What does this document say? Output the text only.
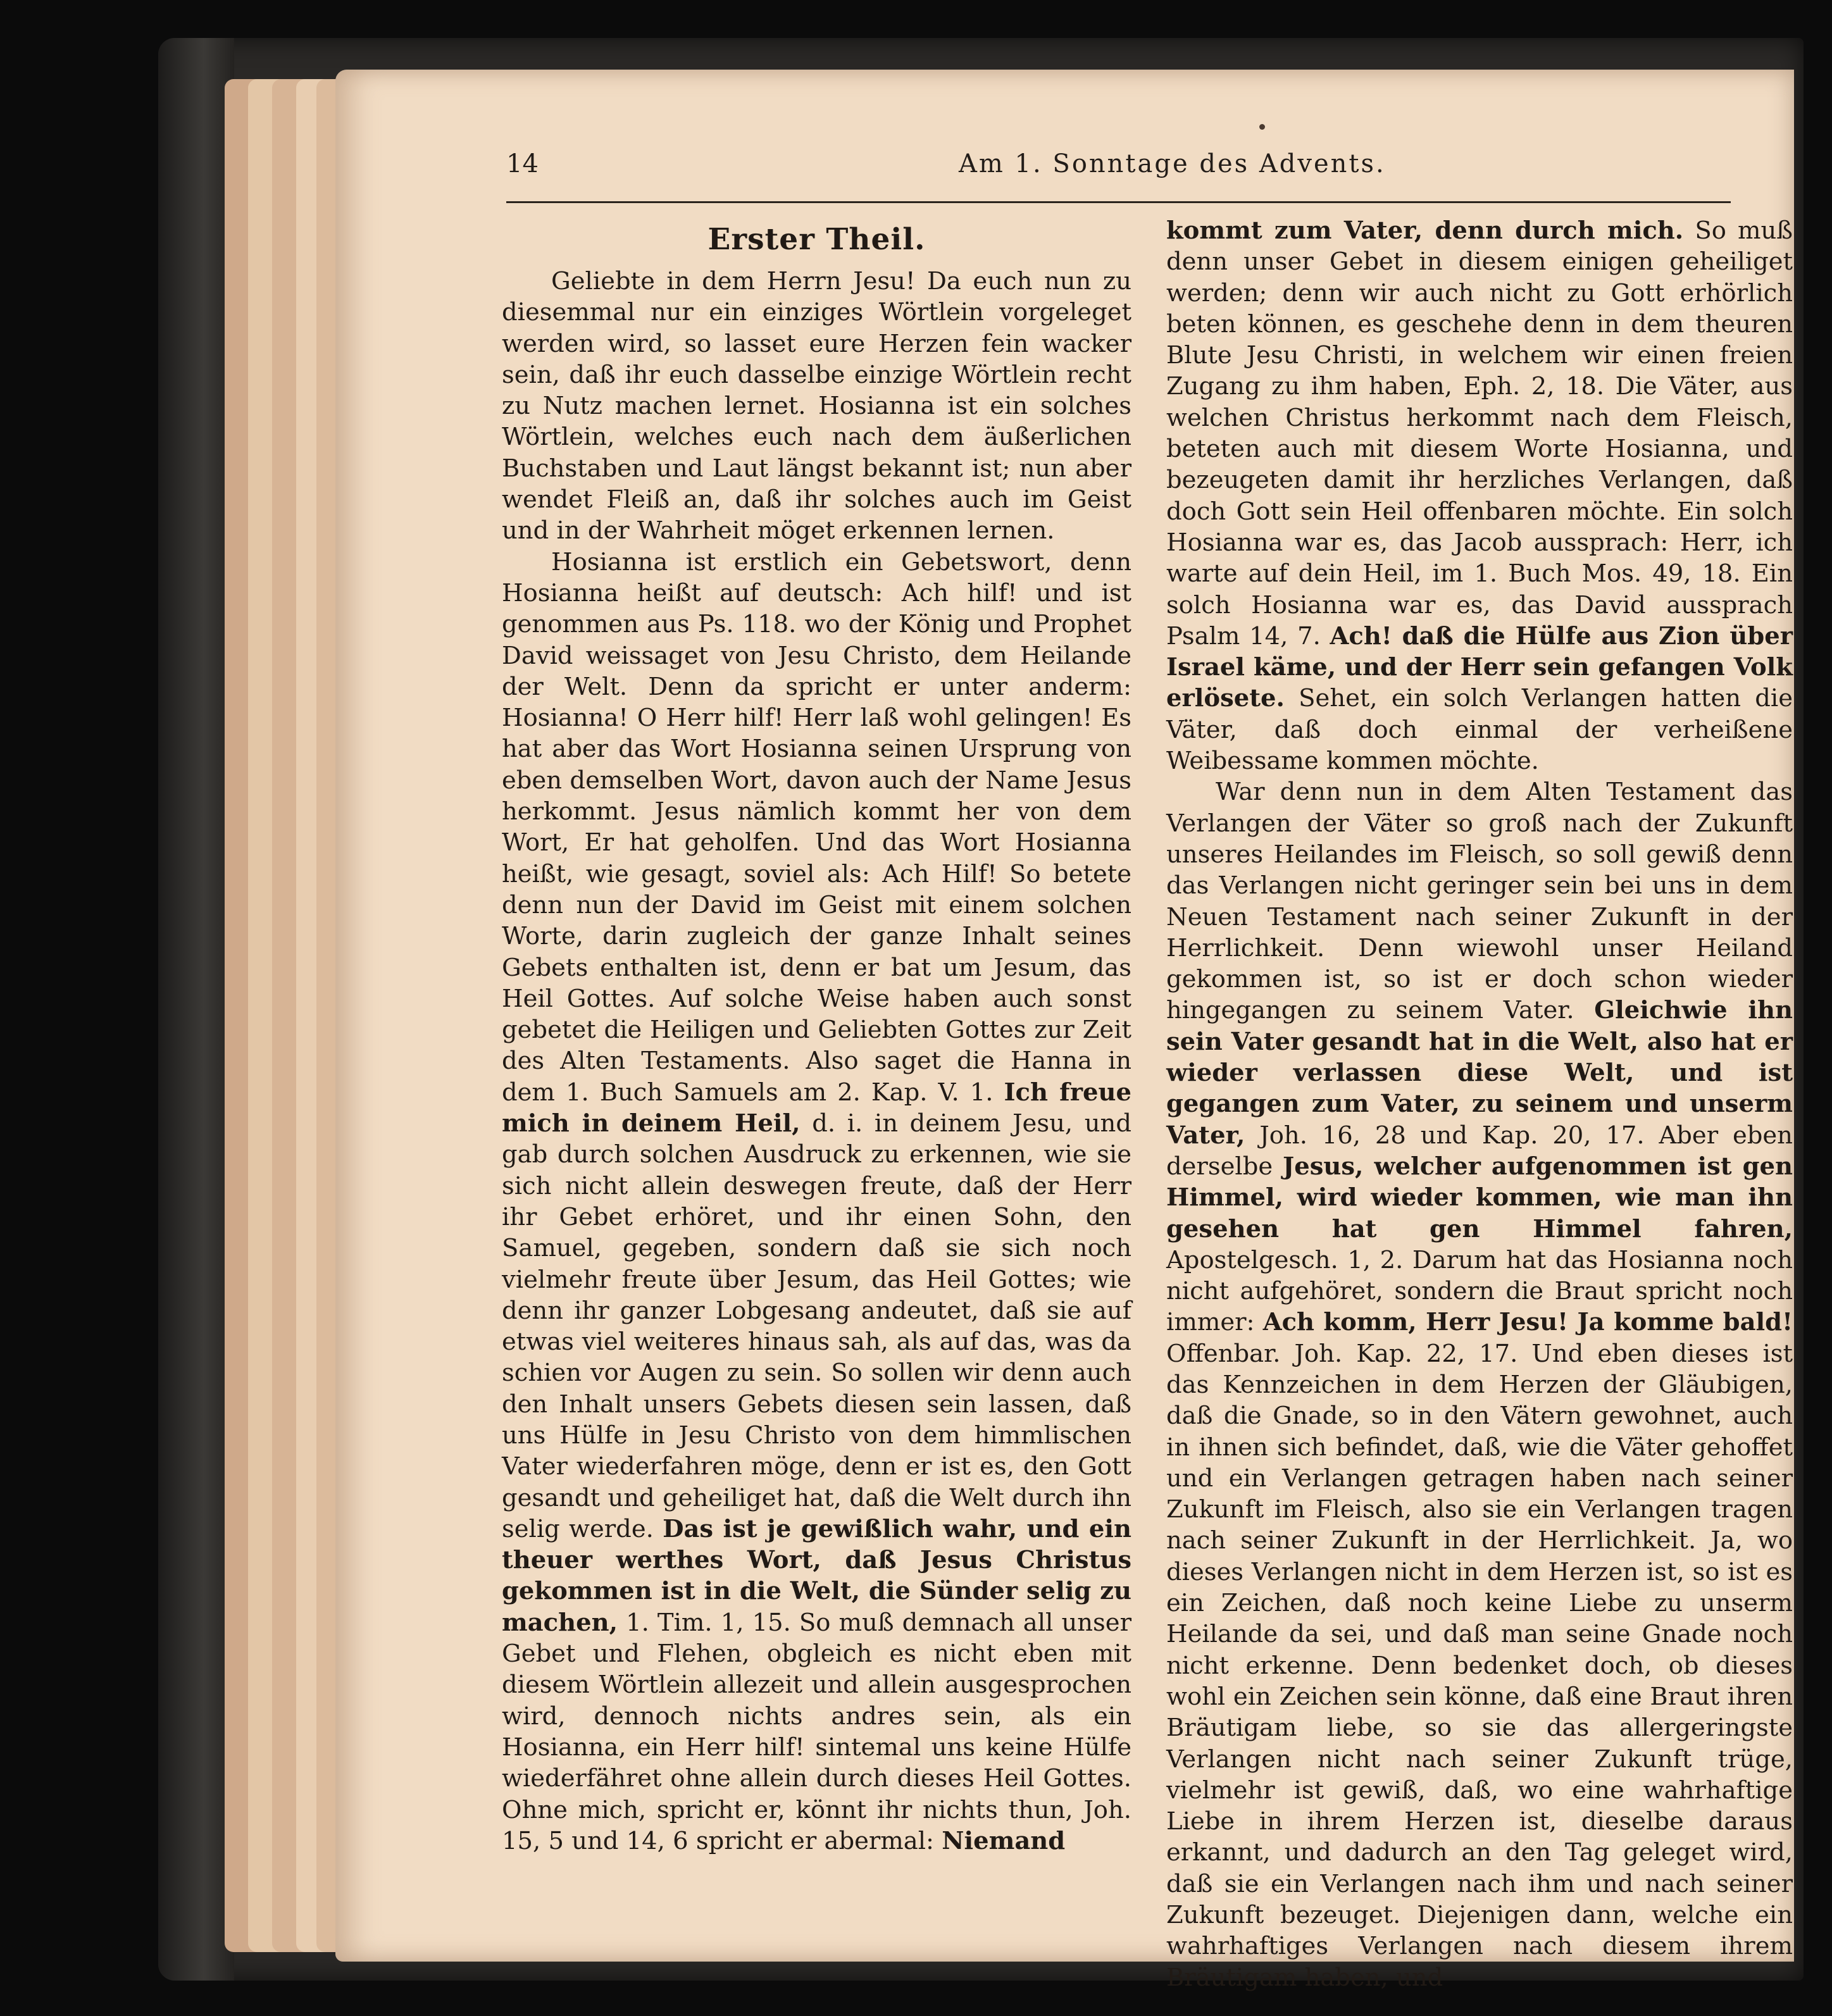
14	Am 1. Sonntage des Advents.
Erster Theil.

Geliebte in dem Herrn Jesu! Da euch nun zu diesemmal nur ein einziges Wörtlein vorgeleget werden wird, so lasset eure Herzen fein wacker sein, daß ihr euch dasselbe einzige Wörtlein recht zu Nutz machen lernet. Hosianna ist ein solches Wörtlein, welches euch nach dem äußerlichen Buchstaben und Laut längst bekannt ist; nun aber wendet Fleiß an, daß ihr solches auch im Geist und in der Wahrheit möget erkennen lernen.

Hosianna ist erstlich ein Gebetswort, denn Hosianna heißt auf deutsch: Ach hilf! und ist genommen aus Ps. 118. wo der König und Prophet David weissaget von Jesu Christo, dem Heilande der Welt. Denn da spricht er unter anderm: Hosianna! O Herr hilf! Herr laß wohl gelingen! Es hat aber das Wort Hosianna seinen Ursprung von eben demselben Wort, davon auch der Name Jesus herkommt. Jesus nämlich kommt her von dem Wort, Er hat geholfen. Und das Wort Hosianna heißt, wie gesagt, soviel als: Ach Hilf! So betete denn nun der David im Geist mit einem solchen Worte, darin zugleich der ganze Inhalt seines Gebets enthalten ist, denn er bat um Jesum, das Heil Gottes. Auf solche Weise haben auch sonst gebetet die Heiligen und Geliebten Gottes zur Zeit des Alten Testaments. Also saget die Hanna in dem 1. Buch Samuels am 2. Kap. V. 1. Ich freue mich in deinem Heil, d. i. in deinem Jesu, und gab durch solchen Ausdruck zu erkennen, wie sie sich nicht allein deswegen freute, daß der Herr ihr Gebet erhöret, und ihr einen Sohn, den Samuel, gegeben, sondern daß sie sich noch vielmehr freute über Jesum, das Heil Gottes; wie denn ihr ganzer Lobgesang andeutet, daß sie auf etwas viel weiteres hinaus sah, als auf das, was da schien vor Augen zu sein. So sollen wir denn auch den Inhalt unsers Gebets diesen sein lassen, daß uns Hülfe in Jesu Christo von dem himmlischen Vater wiederfahren möge, denn er ist es, den Gott gesandt und geheiliget hat, daß die Welt durch ihn selig werde. Das ist je gewißlich wahr, und ein theuer werthes Wort, daß Jesus Christus gekommen ist in die Welt, die Sünder selig zu machen, 1. Tim. 1, 15. So muß demnach all unser Gebet und Flehen, obgleich es nicht eben mit diesem Wörtlein allezeit und allein ausgesprochen wird, dennoch nichts andres sein, als ein Hosianna, ein Herr hilf! sintemal uns keine Hülfe wiederfähret ohne allein durch dieses Heil Gottes. Ohne mich, spricht er, könnt ihr nichts thun, Joh. 15, 5 und 14, 6 spricht er abermal: Niemand

kommt zum Vater, denn durch mich. So muß denn unser Gebet in diesem einigen geheiliget werden; denn wir auch nicht zu Gott erhörlich beten können, es geschehe denn in dem theuren Blute Jesu Christi, in welchem wir einen freien Zugang zu ihm haben, Eph. 2, 18. Die Väter, aus welchen Christus herkommt nach dem Fleisch, beteten auch mit diesem Worte Hosianna, und bezeugeten damit ihr herzliches Verlangen, daß doch Gott sein Heil offenbaren möchte. Ein solch Hosianna war es, das Jacob aussprach: Herr, ich warte auf dein Heil, im 1. Buch Mos. 49, 18. Ein solch Hosianna war es, das David aussprach Psalm 14, 7. Ach! daß die Hülfe aus Zion über Israel käme, und der Herr sein gefangen Volk erlösete. Sehet, ein solch Verlangen hatten die Väter, daß doch einmal der verheißene Weibessame kommen möchte.

War denn nun in dem Alten Testament das Verlangen der Väter so groß nach der Zukunft unseres Heilandes im Fleisch, so soll gewiß denn das Verlangen nicht geringer sein bei uns in dem Neuen Testament nach seiner Zukunft in der Herrlichkeit. Denn wiewohl unser Heiland gekommen ist, so ist er doch schon wieder hingegangen zu seinem Vater. Gleichwie ihn sein Vater gesandt hat in die Welt, also hat er wieder verlassen diese Welt, und ist gegangen zum Vater, zu seinem und unserm Vater, Joh. 16, 28 und Kap. 20, 17. Aber eben derselbe Jesus, welcher aufgenommen ist gen Himmel, wird wieder kommen, wie man ihn gesehen hat gen Himmel fahren, Apostelgesch. 1, 2. Darum hat das Hosianna noch nicht aufgehöret, sondern die Braut spricht noch immer: Ach komm, Herr Jesu! Ja komme bald! Offenbar. Joh. Kap. 22, 17. Und eben dieses ist das Kennzeichen in dem Herzen der Gläubigen, daß die Gnade, so in den Vätern gewohnet, auch in ihnen sich befindet, daß, wie die Väter gehoffet und ein Verlangen getragen haben nach seiner Zukunft im Fleisch, also sie ein Verlangen tragen nach seiner Zukunft in der Herrlichkeit. Ja, wo dieses Verlangen nicht in dem Herzen ist, so ist es ein Zeichen, daß noch keine Liebe zu unserm Heilande da sei, und daß man seine Gnade noch nicht erkenne. Denn bedenket doch, ob dieses wohl ein Zeichen sein könne, daß eine Braut ihren Bräutigam liebe, so sie das allergeringste Verlangen nicht nach seiner Zukunft trüge, vielmehr ist gewiß, daß, wo eine wahrhaftige Liebe in ihrem Herzen ist, dieselbe daraus erkannt, und dadurch an den Tag geleget wird, daß sie ein Verlangen nach ihm und nach seiner Zukunft bezeuget. Diejenigen dann, welche ein wahrhaftiges Verlangen nach diesem ihrem Bräutigam haben, und
